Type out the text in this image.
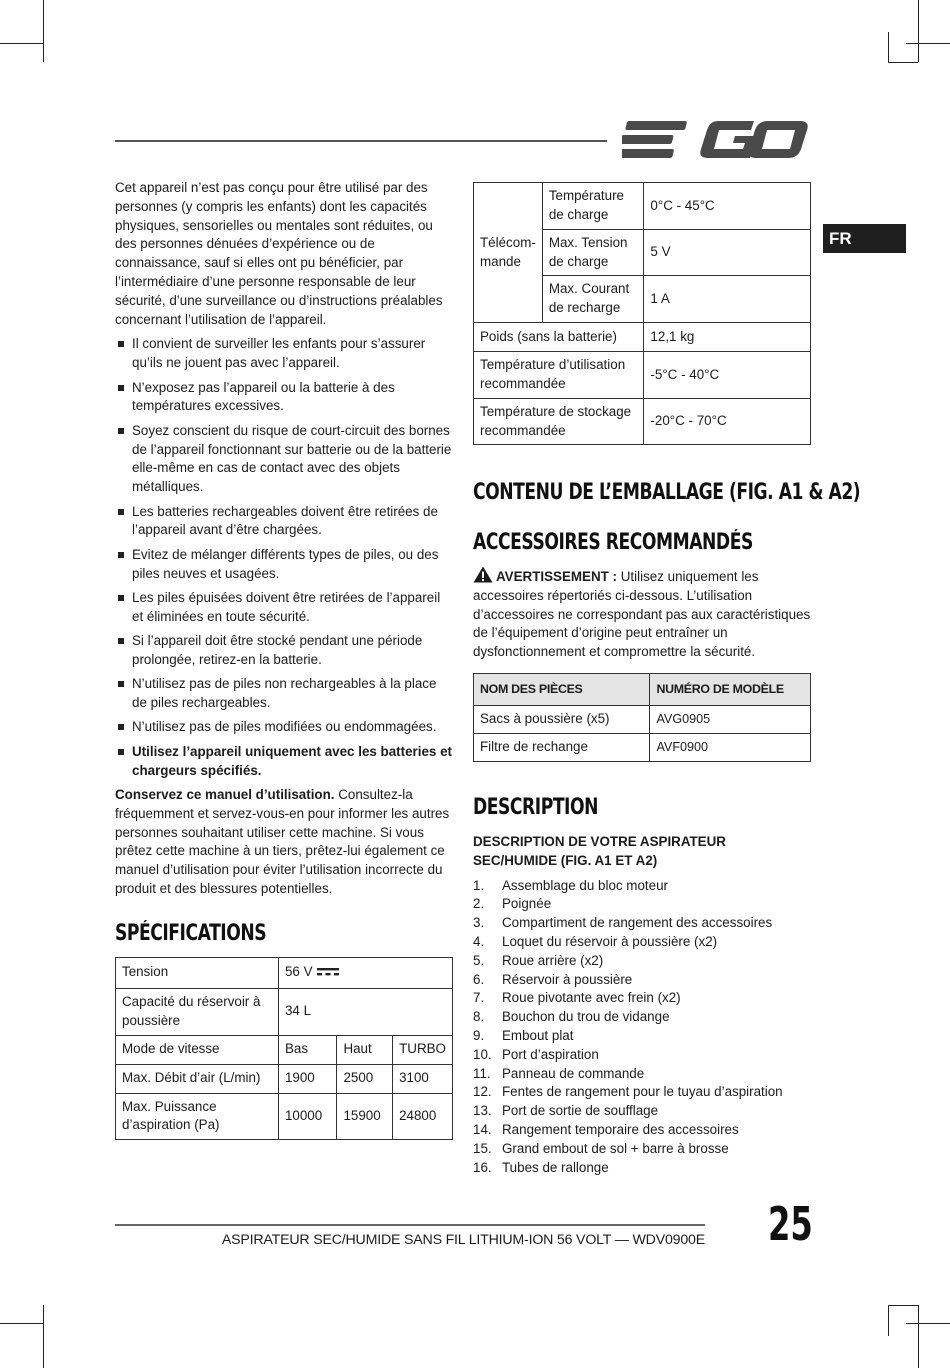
FR

Cet appareil n’est pas conçu pour être utilisé par des personnes (y compris les enfants) dont les capacités physiques, sensorielles ou mentales sont réduites, ou des personnes dénuées d’expérience ou de connaissance, sauf si elles ont pu bénéficier, par l’intermédiaire d’une personne responsable de leur sécurité, d’une surveillance ou d’instructions préalables concernant l’utilisation de l’appareil.

Il convient de surveiller les enfants pour s’assurer qu’ils ne jouent pas avec l’appareil.
N’exposez pas l’appareil ou la batterie à des températures excessives.
Soyez conscient du risque de court-circuit des bornes de l’appareil fonctionnant sur batterie ou de la batterie elle-même en cas de contact avec des objets métalliques.
Les batteries rechargeables doivent être retirées de l’appareil avant d’être chargées.
Evitez de mélanger différents types de piles, ou des piles neuves et usagées.
Les piles épuisées doivent être retirées de l’appareil et éliminées en toute sécurité.
Si l’appareil doit être stocké pendant une période prolongée, retirez-en la batterie.
N’utilisez pas de piles non rechargeables à la place de piles rechargeables.
N’utilisez pas de piles modifiées ou endommagées.
Utilisez l’appareil uniquement avec les batteries et chargeurs spécifiés.

Conservez ce manuel d’utilisation. Consultez-la fréquemment et servez-vous-en pour informer les autres personnes souhaitant utiliser cette machine. Si vous prêtez cette machine à un tiers, prêtez-lui également ce manuel d’utilisation pour éviter l’utilisation incorrecte du produit et des blessures potentielles.

SPÉCIFICATIONS
Tension	56 V		
Capacité du réservoir à poussière	34 L		
Mode de vitesse	Bas	Haut	TURBO
Max. Débit d’air (L/min)	1900	2500	3100
Max. Puissance d’aspiration (Pa)	10000	15900	24800
Télécom-
mande	Température de charge	0°C - 45°C
	Max. Tension de charge	5 V
	Max. Courant de recharge	1 A
Poids (sans la batterie)		12,1 kg
Température d’utilisation recommandée		-5°C - 40°C
Température de stockage recommandée		-20°C - 70°C
CONTENU DE L’EMBALLAGE (FIG. A1 & A2)
ACCESSOIRES RECOMMANDÉS

AVERTISSEMENT : Utilisez uniquement les accessoires répertoriés ci-dessous. L’utilisation d’accessoires ne correspondant pas aux caractéristiques de l’équipement d’origine peut entraîner un dysfonctionnement et compromettre la sécurité.

NOM DES PIÈCES	NUMÉRO DE MODÈLE
Sacs à poussière (x5)	AVG0905
Filtre de rechange	AVF0900
DESCRIPTION

DESCRIPTION DE VOTRE ASPIRATEUR SEC/HUMIDE (FIG. A1 ET A2)

1.	Assemblage du bloc moteur
2.	Poignée
3.	Compartiment de rangement des accessoires
4.	Loquet du réservoir à poussière (x2)
5.	Roue arrière (x2)
6.	Réservoir à poussière
7.	Roue pivotante avec frein (x2)
8.	Bouchon du trou de vidange
9.	Embout plat
10. Port d’aspiration
11. Panneau de commande
12. Fentes de rangement pour le tuyau d’aspiration
13. Port de sortie de soufflage
14. Rangement temporaire des accessoires
15. Grand embout de sol + barre à brosse
16. Tubes de rallonge
ASPIRATEUR SEC/HUMIDE SANS FIL LITHIUM-ION 56 VOLT — WDV0900E 25
